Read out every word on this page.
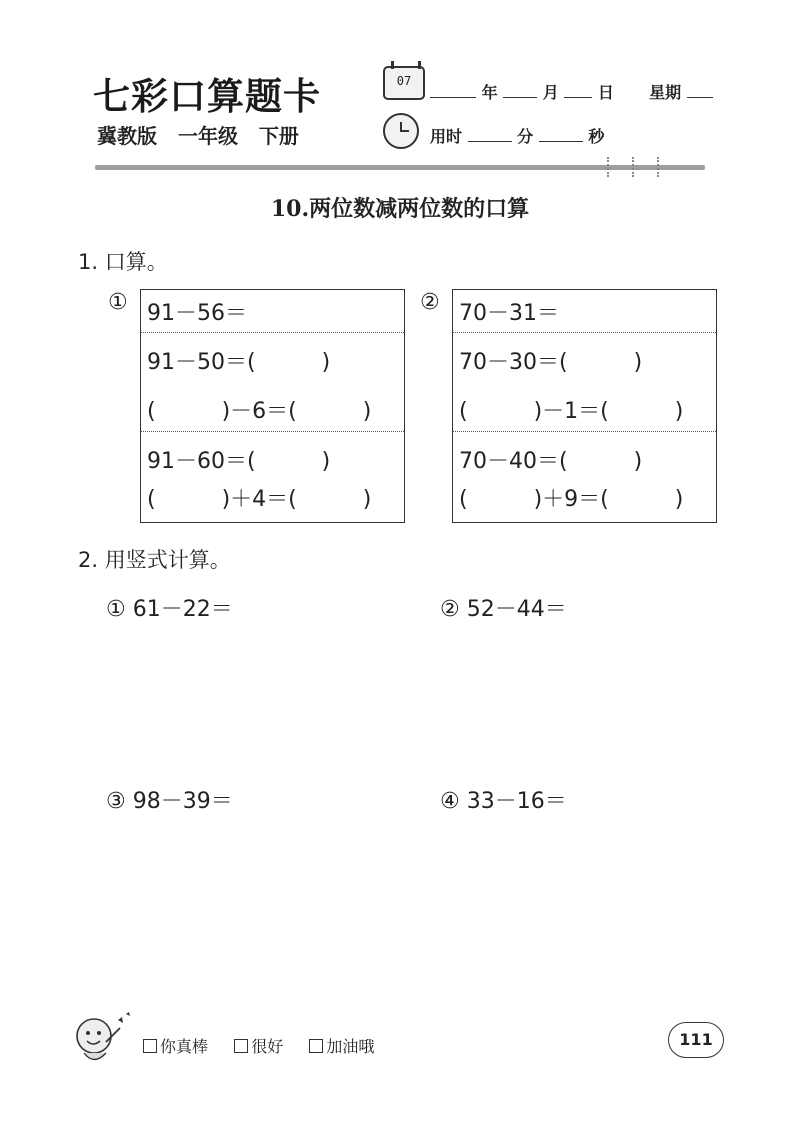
七彩口算题卡
冀教版 一年级 下册
07
年	月 日 星期
用时	分	秒
10.两位数减两位数的口算
1. 口算。
① 91－56＝
91－50＝(　　　)
(　　　)－6＝(　　　)
91－60＝(　　　)
(　　　)＋4＝(　　　)
② 70－31＝
70－30＝(　　　)
(　　　)－1＝(　　　)
70－40＝(　　　)
(　　　)＋9＝(　　　)
2. 用竖式计算。
① 61－22＝	② 52－44＝
③ 98－39＝	④ 33－16＝
你真棒	很好	加油哦	111
